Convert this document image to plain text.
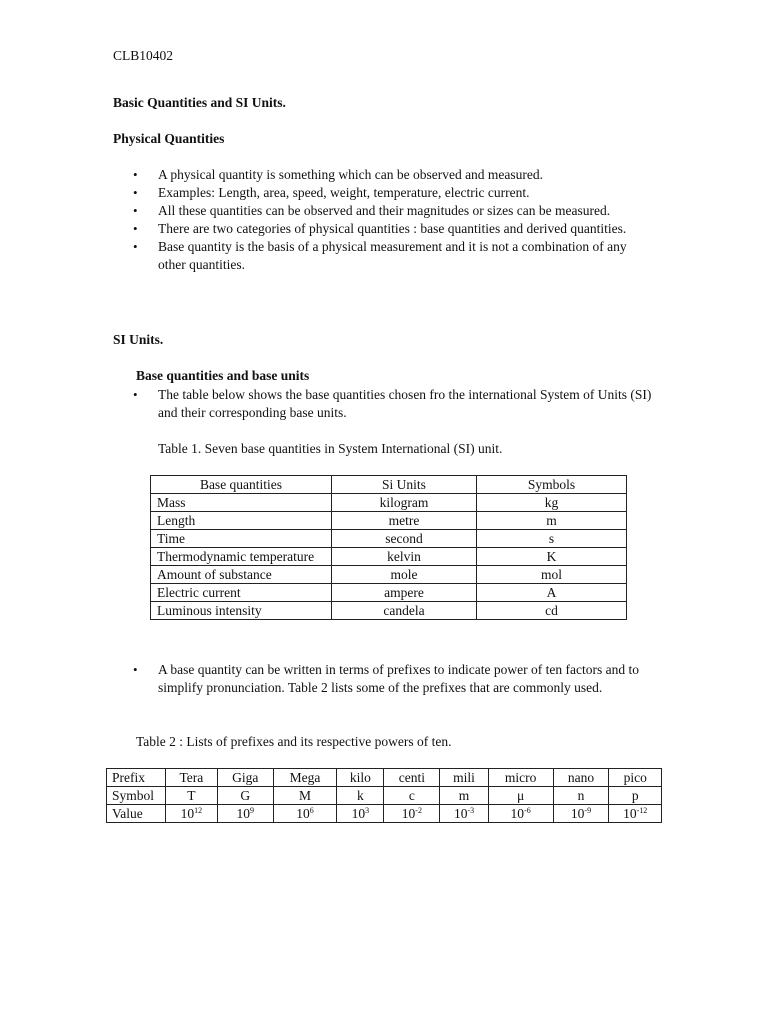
CLB10402
Basic Quantities and SI Units.
Physical Quantities
• A physical quantity is something which can be observed and measured.
• Examples: Length, area, speed, weight, temperature, electric current.
• All these quantities can be observed and their magnitudes or sizes can be measured.
• There are two categories of physical quantities : base quantities and derived quantities.
• Base quantity is the basis of a physical measurement and it is not a combination of any other quantities.
SI Units.
Base quantities and base units
• The table below shows the base quantities chosen fro the international System of Units (SI) and their corresponding base units.
Table 1. Seven base quantities in System International (SI) unit.
Base quantities	Si Units	Symbols
Mass	kilogram	kg
Length	metre	m
Time	second	s
Thermodynamic temperature	kelvin	K
Amount of substance	mole	mol
Electric current	ampere	A
Luminous intensity	candela	cd
• A base quantity can be written in terms of prefixes to indicate power of ten factors and to simplify pronunciation. Table 2 lists some of the prefixes that are commonly used.
Table 2 : Lists of prefixes and its respective powers of ten.
Prefix	Tera	Giga	Mega	kilo	centi	mili	micro	nano	pico
Symbol	T	G	M	k	c	m	μ	n	p
Value	$10^{12}$	$10^9$	$10^6$	$10^3$	$10^{-2}$	$10^{-3}$	$10^{-6}$	$10^{-9}$	$10^{-12}$
